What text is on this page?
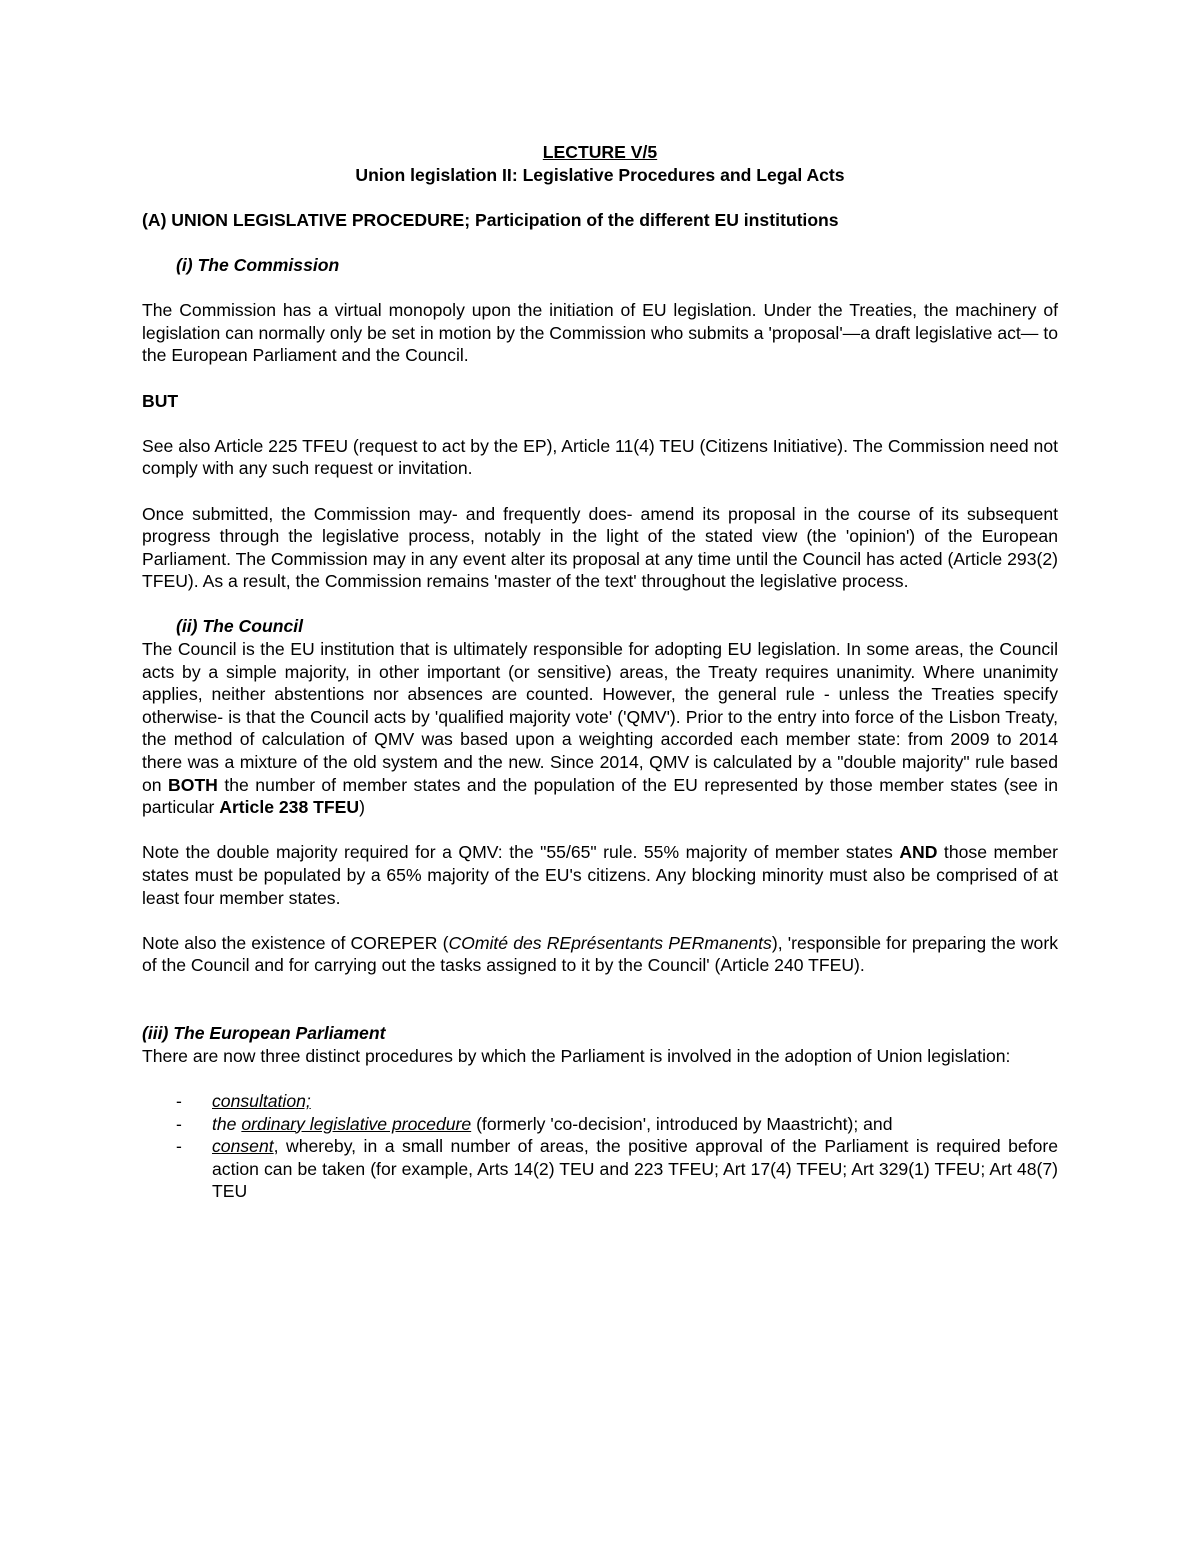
LECTURE V/5

Union legislation II: Legislative Procedures and Legal Acts

(A) UNION LEGISLATIVE PROCEDURE; Participation of the different EU institutions

(i) The Commission

The Commission has a virtual monopoly upon the initiation of EU legislation. Under the Treaties, the machinery of legislation can normally only be set in motion by the Commission who submits a 'proposal'—a draft legislative act— to the European Parliament and the Council.

BUT

See also Article 225 TFEU (request to act by the EP), Article 11(4) TEU (Citizens Initiative). The Commission need not comply with any such request or invitation.

Once submitted, the Commission may- and frequently does- amend its proposal in the course of its subsequent progress through the legislative process, notably in the light of the stated view (the 'opinion') of the European Parliament. The Commission may in any event alter its proposal at any time until the Council has acted (Article 293(2) TFEU). As a result, the Commission remains 'master of the text' throughout the legislative process.

(ii) The Council

The Council is the EU institution that is ultimately responsible for adopting EU legislation. In some areas, the Council acts by a simple majority, in other important (or sensitive) areas, the Treaty requires unanimity. Where unanimity applies, neither abstentions nor absences are counted. However, the general rule - unless the Treaties specify otherwise- is that the Council acts by 'qualified majority vote' ('QMV'). Prior to the entry into force of the Lisbon Treaty, the method of calculation of QMV was based upon a weighting accorded each member state: from 2009 to 2014 there was a mixture of the old system and the new. Since 2014, QMV is calculated by a "double majority" rule based on BOTH the number of member states and the population of the EU represented by those member states (see in particular Article 238 TFEU)

Note the double majority required for a QMV: the "55/65" rule. 55% majority of member states AND those member states must be populated by a 65% majority of the EU's citizens. Any blocking minority must also be comprised of at least four member states.

Note also the existence of COREPER (COmité des REprésentants PERmanents), 'responsible for preparing the work of the Council and for carrying out the tasks assigned to it by the Council' (Article 240 TFEU).

(iii) The European Parliament

There are now three distinct procedures by which the Parliament is involved in the adoption of Union legislation:

- consultation;
- the ordinary legislative procedure (formerly 'co-decision', introduced by Maastricht); and
- consent, whereby, in a small number of areas, the positive approval of the Parliament is required before action can be taken (for example, Arts 14(2) TEU and 223 TFEU; Art 17(4) TFEU; Art 329(1) TFEU; Art 48(7) TEU
